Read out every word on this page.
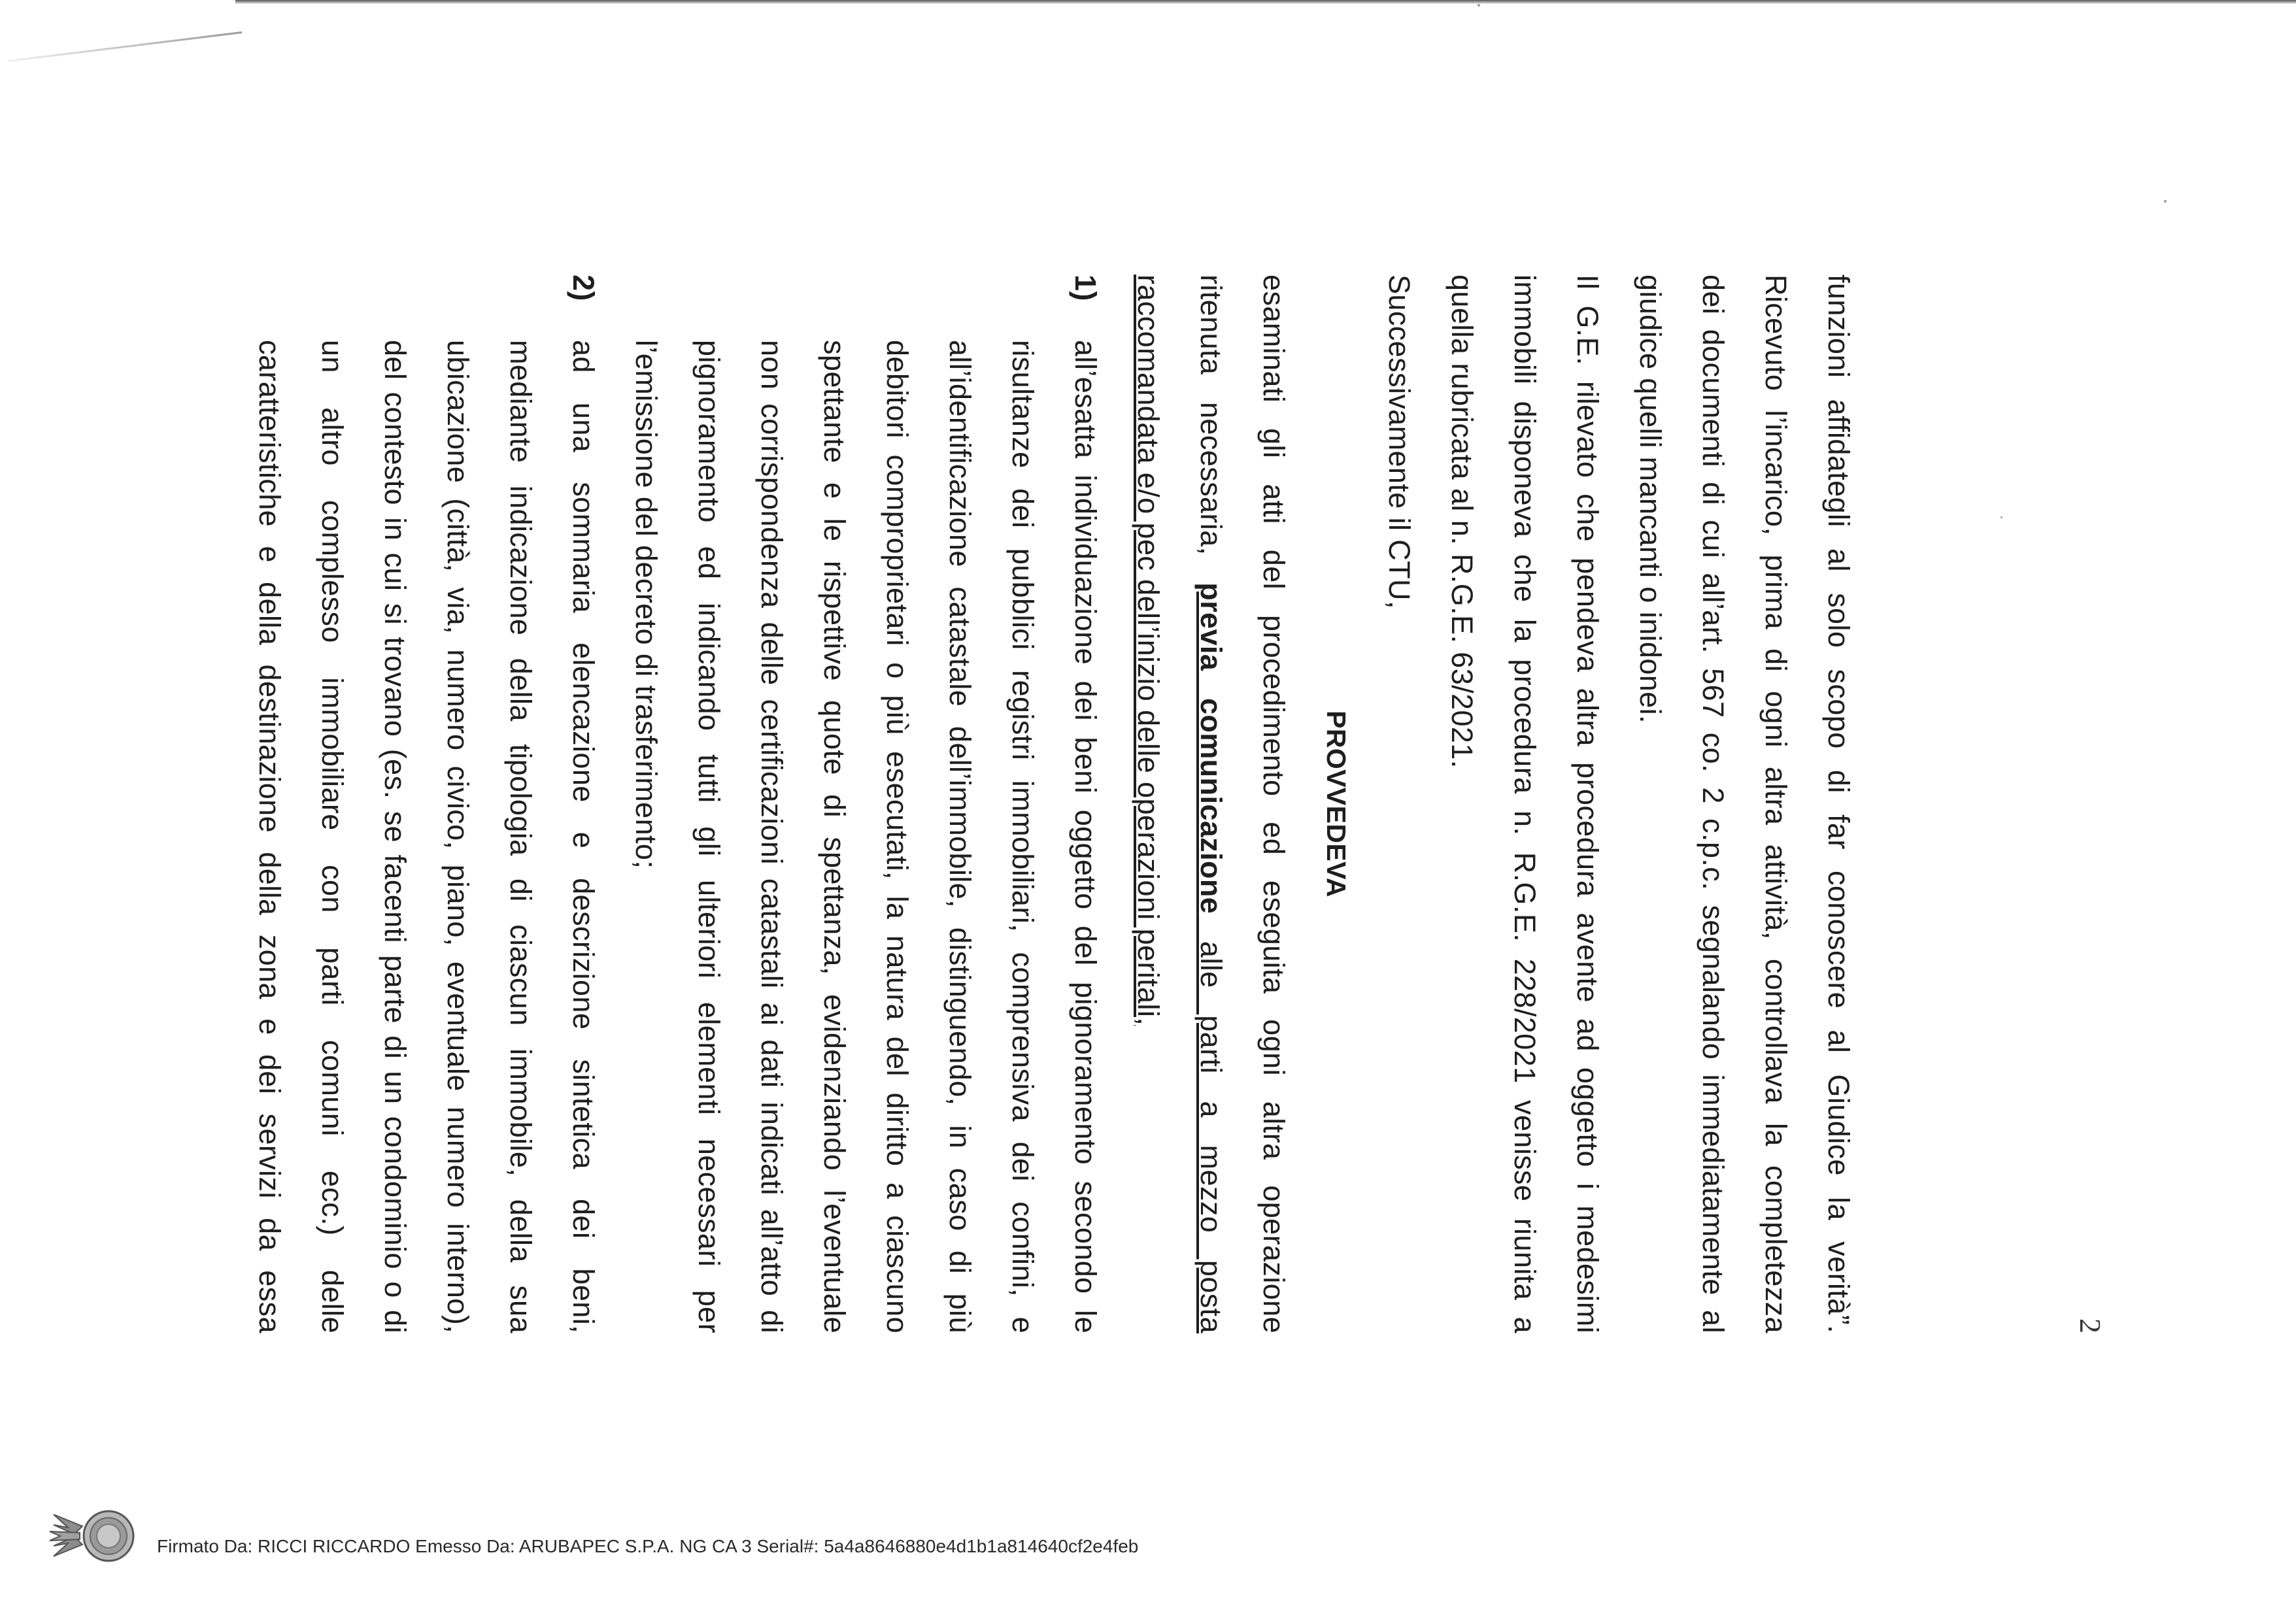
2
funzioni affidategli al solo scopo di far conoscere al Giudice la verità”.
Ricevuto l’incarico, prima di ogni altra attività, controllava la completezza
dei documenti di cui all’art. 567 co. 2 c.p.c. segnalando immediatamente al
giudice quelli mancanti o inidonei.
Il G.E. rilevato che pendeva altra procedura avente ad oggetto i medesimi
immobili disponeva che la procedura n. R.G.E. 228/2021 venisse riunita a
quella rubricata al n. R.G.E. 63/2021.
Successivamente il CTU,
PROVVEDEVA
esaminati gli atti del procedimento ed eseguita ogni altra operazione
ritenuta necessaria, previa comunicazione alle parti a mezzo posta
raccomandata e/o pec dell’inizio delle operazioni peritali,
1)
all’esatta individuazione dei beni oggetto del pignoramento secondo le
risultanze dei pubblici registri immobiliari, comprensiva dei confini, e
all’identificazione catastale dell’immobile, distinguendo, in caso di più
debitori comproprietari o più esecutati, la natura del diritto a ciascuno
spettante e le rispettive quote di spettanza, evidenziando l’eventuale
non corrispondenza delle certificazioni catastali ai dati indicati all’atto di
pignoramento ed indicando tutti gli ulteriori elementi necessari per
l’emissione del decreto di trasferimento;
2)
ad una sommaria elencazione e descrizione sintetica dei beni,
mediante indicazione della tipologia di ciascun immobile, della sua
ubicazione (città, via, numero civico, piano, eventuale numero interno),
del contesto in cui si trovano (es. se facenti parte di un condominio o di
un altro complesso immobiliare con parti comuni ecc.) delle
caratteristiche e della destinazione della zona e dei servizi da essa
Firmato Da: RICCI RICCARDO Emesso Da: ARUBAPEC S.P.A. NG CA 3 Serial#: 5a4a8646880e4d1b1a814640cf2e4feb
